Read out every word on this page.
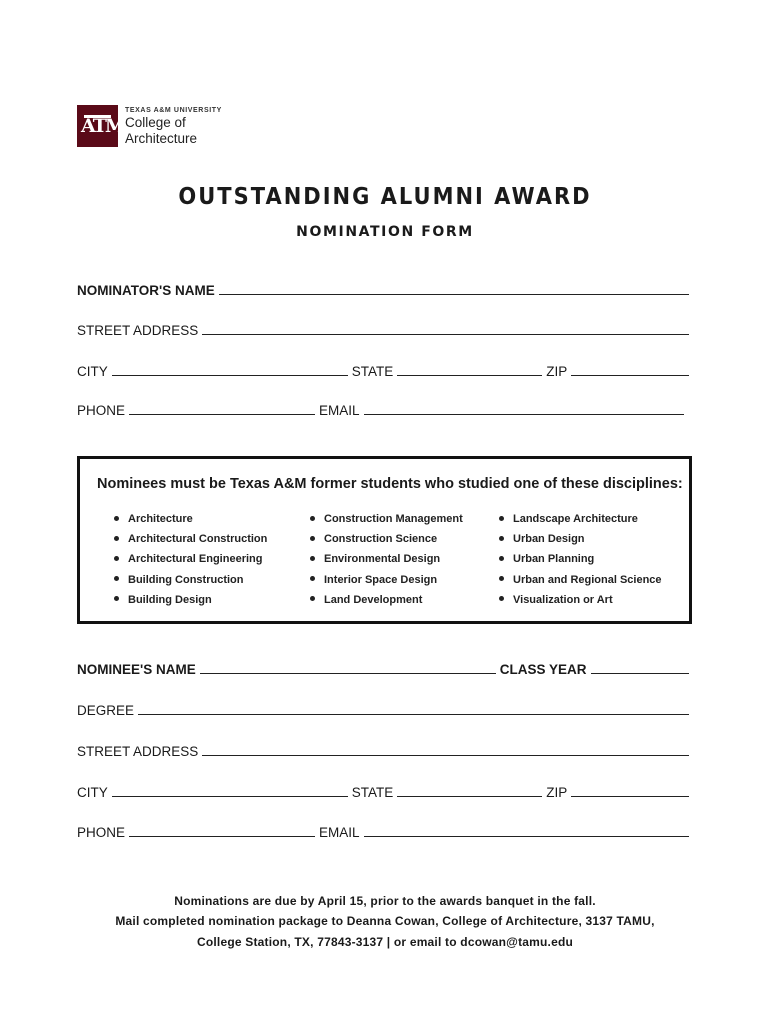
ATM
TEXAS A&M UNIVERSITY
College of
Architecture
OUTSTANDING ALUMNI AWARD
NOMINATION FORM
NOMINATOR'S NAME
STREET ADDRESS
CITY	STATE	ZIP
PHONE	EMAIL
Nominees must be Texas A&M former students who studied one of these disciplines:
Architecture
Architectural Construction
Architectural Engineering
Building Construction
Building Design
Construction Management
Construction Science
Environmental Design
Interior Space Design
Land Development
Landscape Architecture
Urban Design
Urban Planning
Urban and Regional Science
Visualization or Art
NOMINEE'S NAME	CLASS YEAR
DEGREE
STREET ADDRESS
CITY	STATE	ZIP
PHONE	EMAIL
Nominations are due by April 15, prior to the awards banquet in the fall.
Mail completed nomination package to Deanna Cowan, College of Architecture, 3137 TAMU,
College Station, TX, 77843-3137 | or email to dcowan@tamu.edu
